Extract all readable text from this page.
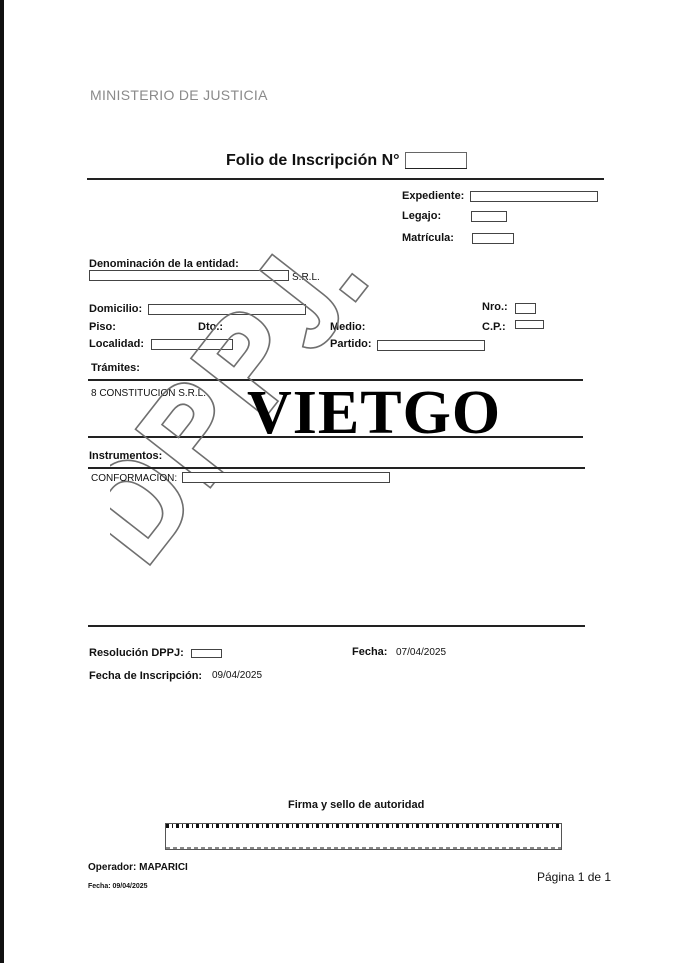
MINISTERIO DE JUSTICIA
Folio de Inscripción N°
Expediente:
Legajo:
Matrícula:
Denominación de la entidad:
S.R.L.
Domicilio:	Nro.:
Piso:	Dto.:	Medio:	C.P.:
Localidad:	Partido:
Trámites:
8 CONSTITUCION S.R.L. VIETGO
Instrumentos:
CONFORMACION:
Resolución DPPJ:	Fecha: 07/04/2025
Fecha de Inscripción: 09/04/2025
Firma y sello de autoridad
Operador: MAPARICI
Página 1 de 1
Fecha: 09/04/2025
